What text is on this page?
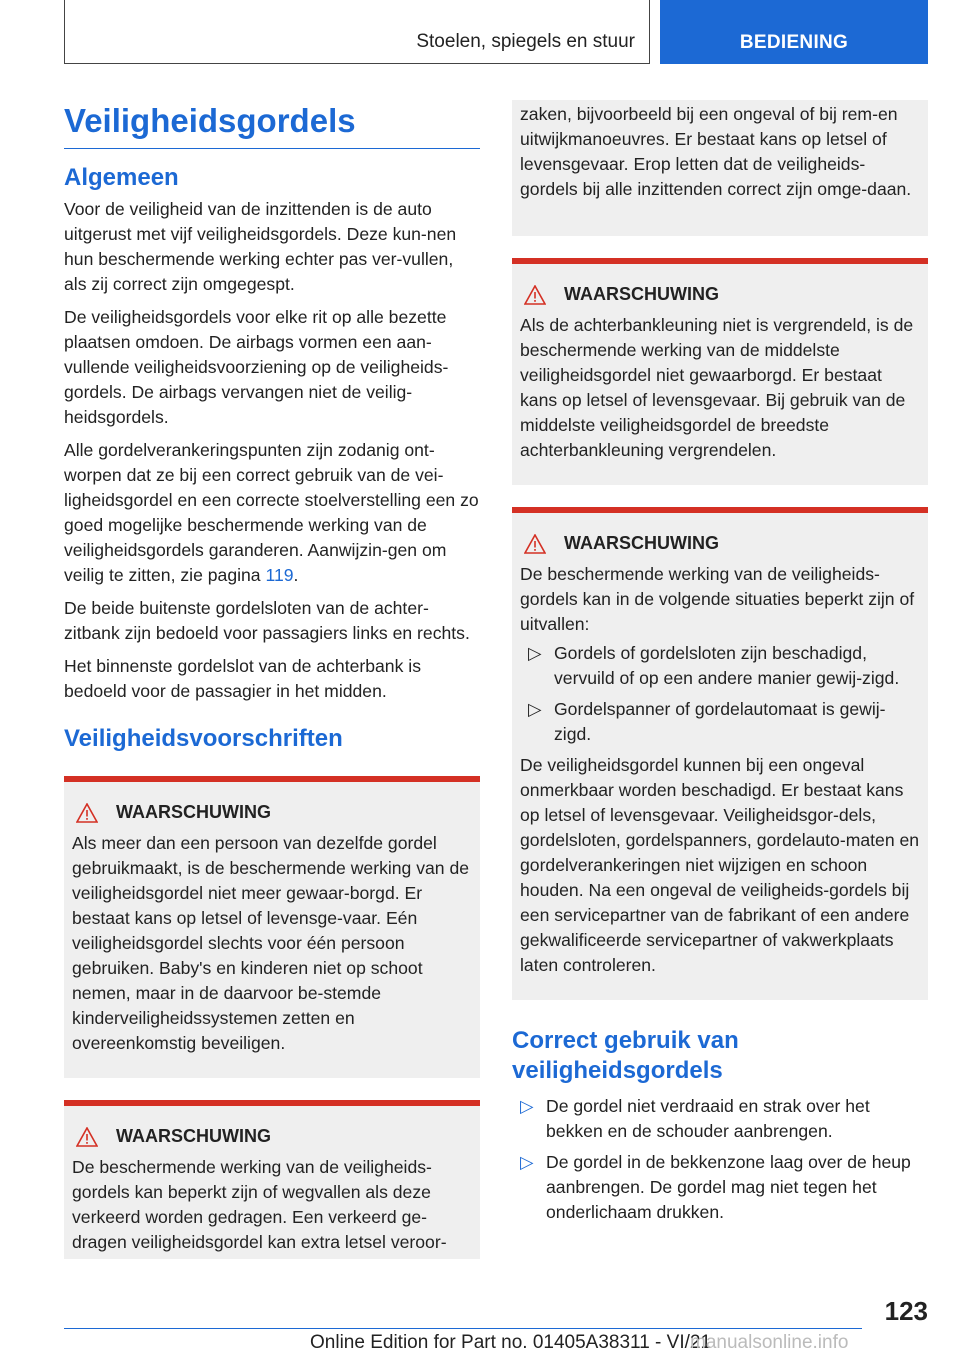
Stoelen, spiegels en stuur	BEDIENING
Veiligheidsgordels
Algemeen

Voor de veiligheid van de inzittenden is de auto uitgerust met vijf veiligheidsgordels. Deze kun-nen hun beschermende werking echter pas ver-vullen, als zij correct zijn omgegespt.

De veiligheidsgordels voor elke rit op alle bezette plaatsen omdoen. De airbags vormen een aan-vullende veiligheidsvoorziening op de veiligheids-gordels. De airbags vervangen niet de veilig-heidsgordels.

Alle gordelverankeringspunten zijn zodanig ont-worpen dat ze bij een correct gebruik van de vei-ligheidsgordel en een correcte stoelverstelling een zo goed mogelijke beschermende werking van de veiligheidsgordels garanderen. Aanwijzin-gen om veilig te zitten, zie pagina 119.

De beide buitenste gordelsloten van de achter-zitbank zijn bedoeld voor passagiers links en rechts.

Het binnenste gordelslot van de achterbank is bedoeld voor de passagier in het midden.

Veiligheidsvoorschriften
WAARSCHUWING

Als meer dan een persoon van dezelfde gordel gebruikmaakt, is de beschermende werking van de veiligheidsgordel niet meer gewaar-borgd. Er bestaat kans op letsel of levensge-vaar. Eén veiligheidsgordel slechts voor één persoon gebruiken. Baby's en kinderen niet op schoot nemen, maar in de daarvoor be-stemde kinderveiligheidssystemen zetten en overeenkomstig beveiligen.

WAARSCHUWING

De beschermende werking van de veiligheids-gordels kan beperkt zijn of wegvallen als deze verkeerd worden gedragen. Een verkeerd ge-dragen veiligheidsgordel kan extra letsel veroor-

zaken, bijvoorbeeld bij een ongeval of bij rem-en uitwijkmanoeuvres. Er bestaat kans op letsel of levensgevaar. Erop letten dat de veiligheids-gordels bij alle inzittenden correct zijn omge-daan.

WAARSCHUWING

Als de achterbankleuning niet is vergrendeld, is de beschermende werking van de middelste veiligheidsgordel niet gewaarborgd. Er bestaat kans op letsel of levensgevaar. Bij gebruik van de middelste veiligheidsgordel de breedste achterbankleuning vergrendelen.

WAARSCHUWING

De beschermende werking van de veiligheids-gordels kan in de volgende situaties beperkt zijn of uitvallen:

▷ Gordels of gordelsloten zijn beschadigd, vervuild of op een andere manier gewij-zigd.
▷ Gordelspanner of gordelautomaat is gewij-zigd.

De veiligheidsgordel kunnen bij een ongeval onmerkbaar worden beschadigd. Er bestaat kans op letsel of levensgevaar. Veiligheidsgor-dels, gordelsloten, gordelspanners, gordelauto-maten en gordelverankeringen niet wijzigen en schoon houden. Na een ongeval de veiligheids-gordels bij een servicepartner van de fabrikant of een andere gekwalificeerde servicepartner of vakwerkplaats laten controleren.

Correct gebruik van veiligheidsgordels
▷ De gordel niet verdraaid en strak over het bekken en de schouder aanbrengen.
▷ De gordel in de bekkenzone laag over de heup aanbrengen. De gordel mag niet tegen het onderlichaam drukken.
123
Online Edition for Part no. 01405A38311 - VI/21
manualsonline.info
